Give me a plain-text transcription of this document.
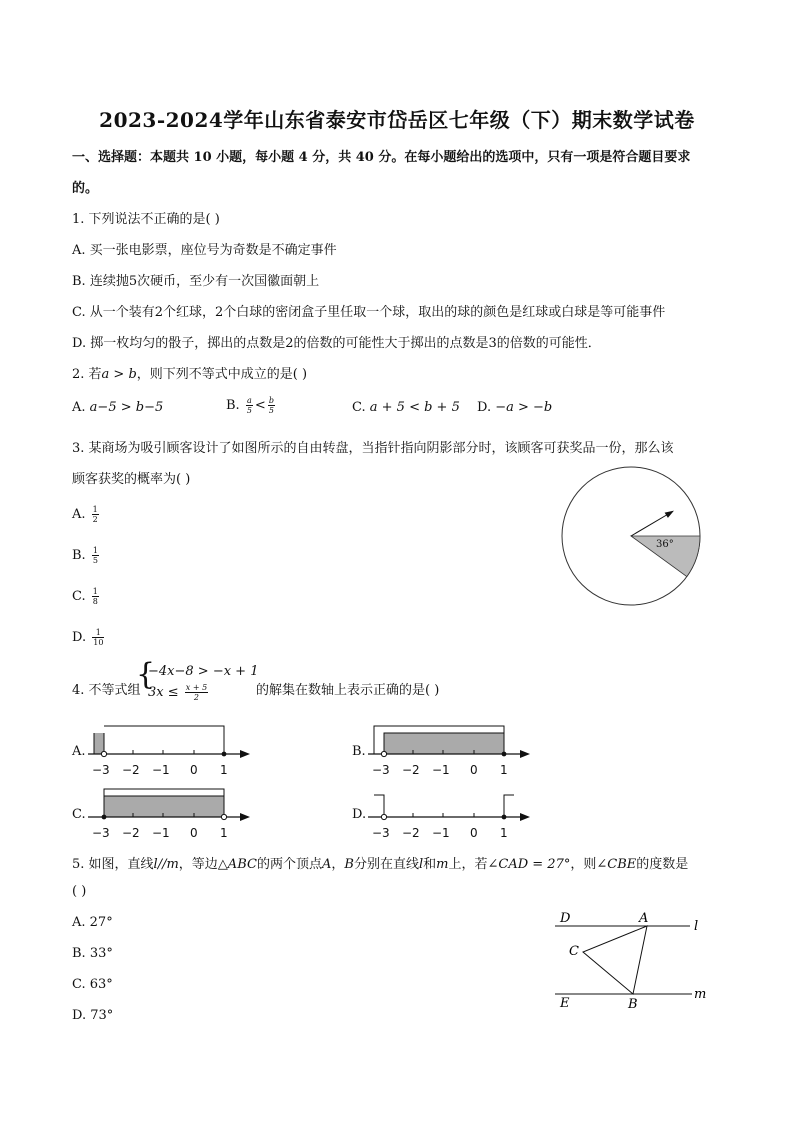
2023-2024学年山东省泰安市岱岳区七年级（下）期末数学试卷
一、选择题：本题共 10 小题，每小题 4 分，共 40 分。在每小题给出的选项中，只有一项是符合题目要求
的。
1. 下列说法不正确的是( )
A. 买一张电影票，座位号为奇数是不确定事件
B. 连续抛5次硬币，至少有一次国徽面朝上
C. 从一个装有2个红球，2个白球的密闭盒子里任取一个球，取出的球的颜色是红球或白球是等可能事件
D. 掷一枚均匀的骰子，掷出的点数是2的倍数的可能性大于掷出的点数是3的倍数的可能性．
2. 若a > b，则下列不等式中成立的是( )
A. a−5 > b−5	B. $\frac{a}{5} < \frac{b}{5}$	C. a + 5 < b + 5 D. −a > −b
3. 某商场为吸引顾客设计了如图所示的自由转盘，当指针指向阴影部分时，该顾客可获奖品一份，那么该
顾客获奖的概率为( )
A. $\frac{1}{2}$
B. $\frac{1}{5}$
C. $\frac{1}{8}$
D. $\frac{1}{10}$
36°
4. 不等式组
{
−4x−8 > −x + 1
$3x \le \frac{x + 5}{2}$	的解集在数轴上表示正确的是( )
A.	B.
C.	D.
−3 −2 −1 0 1	−3 −2 −1 0 1
−3 −2 −1 0 1	−3 −2 −1 0 1
5. 如图，直线l//m，等边△ABC的两个顶点A，B分别在直线l和m上，若∠CAD = 27°，则∠CBE的度数是
( )
A. 27°
B. 33°
C. 63°
D. 73°
D	A
l
C
E	B
m
